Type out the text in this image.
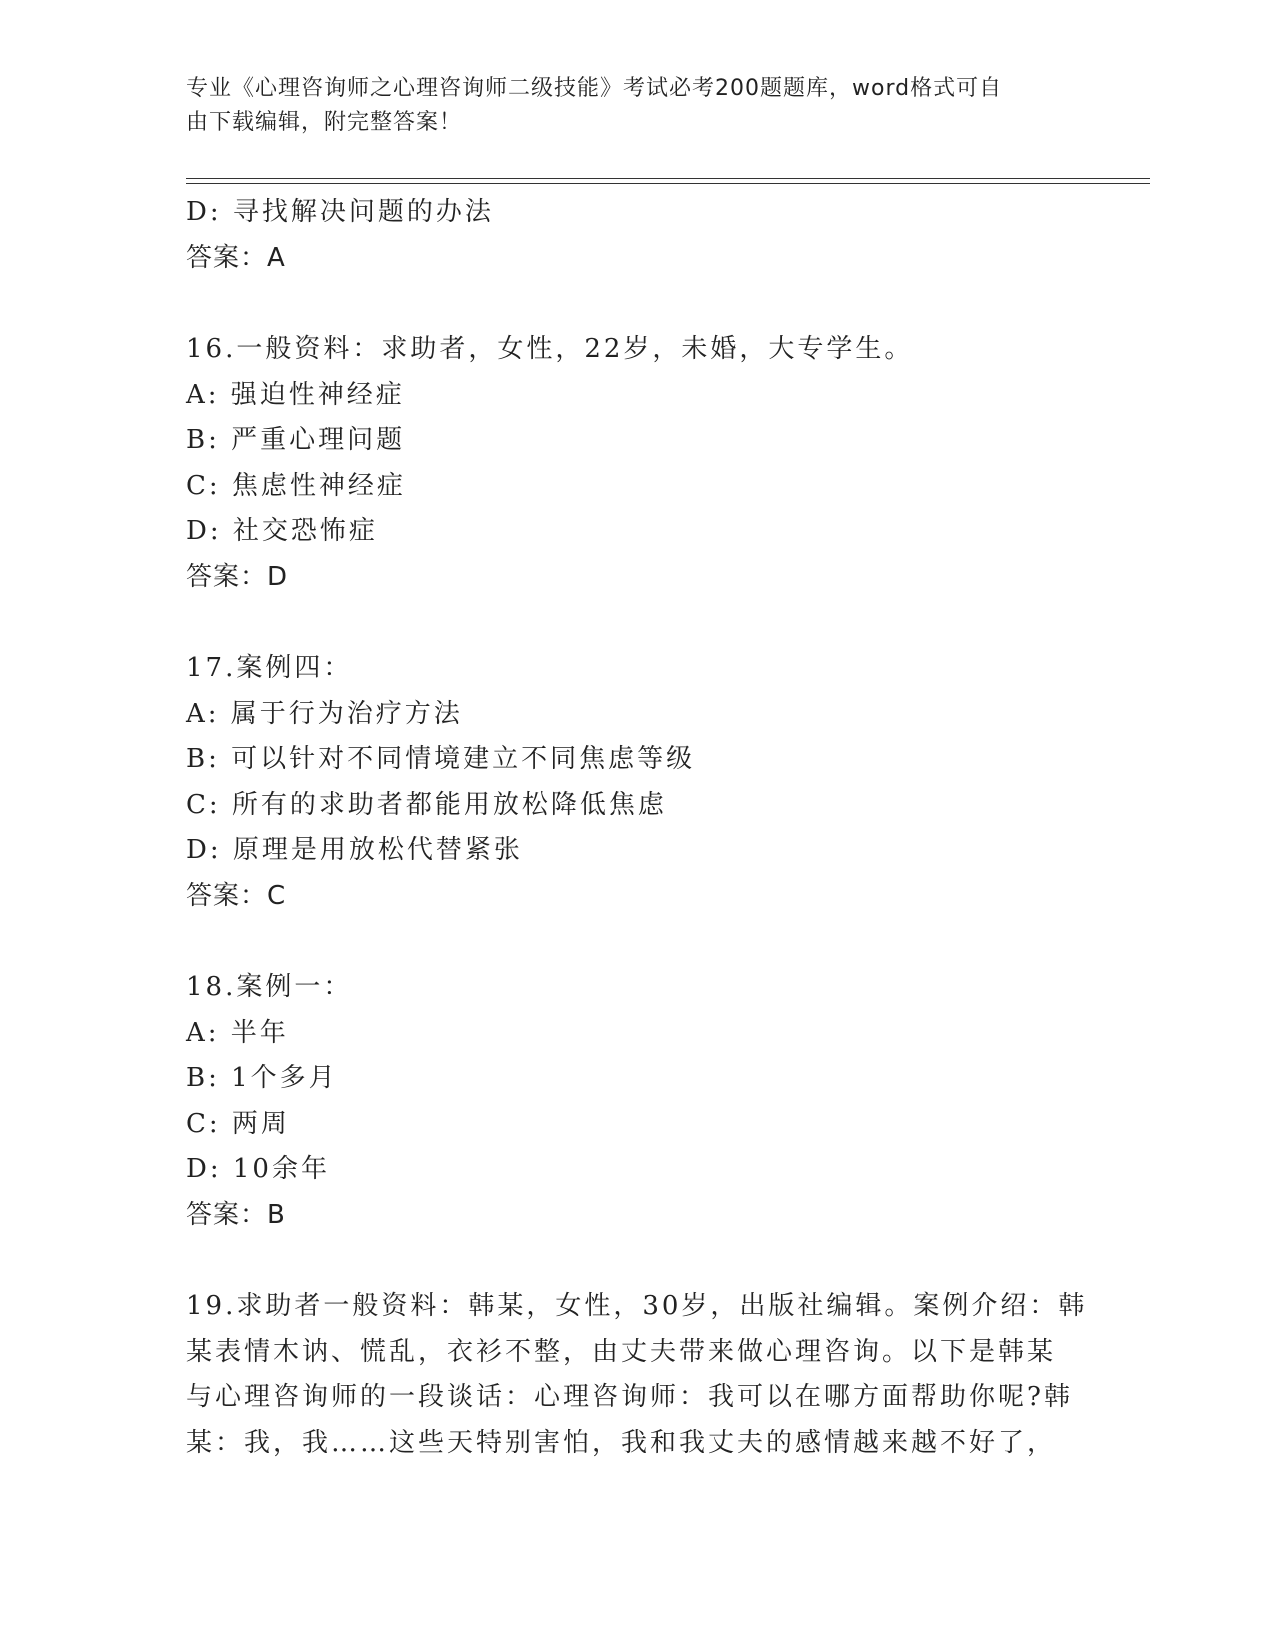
专业《心理咨询师之心理咨询师二级技能》考试必考200题题库，word格式可自
由下载编辑，附完整答案！
D: 寻找解决问题的办法
答案：A
16.一般资料：求助者，女性，22岁，未婚，大专学生。
A: 强迫性神经症
B: 严重心理问题
C: 焦虑性神经症
D: 社交恐怖症
答案：D
17.案例四：
A: 属于行为治疗方法
B: 可以针对不同情境建立不同焦虑等级
C: 所有的求助者都能用放松降低焦虑
D: 原理是用放松代替紧张
答案：C
18.案例一：
A: 半年
B: 1个多月
C: 两周
D: 10余年
答案：B
19.求助者一般资料：韩某，女性，30岁，出版社编辑。案例介绍：韩
某表情木讷、慌乱，衣衫不整，由丈夫带来做心理咨询。以下是韩某
与心理咨询师的一段谈话：心理咨询师：我可以在哪方面帮助你呢?韩
某：我，我……这些天特别害怕，我和我丈夫的感情越来越不好了，
